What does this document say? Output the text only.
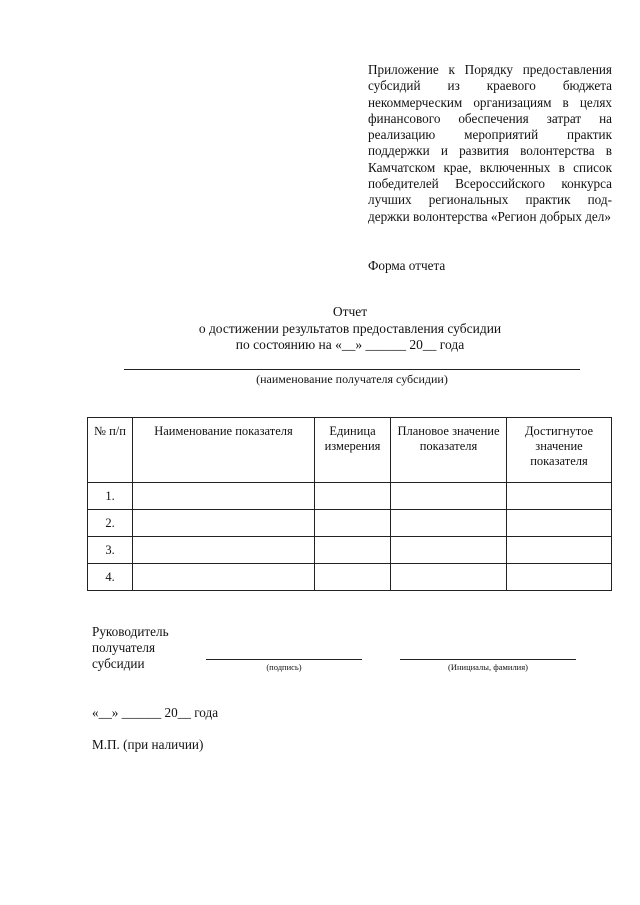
Приложение к Порядку предоставления субсидий из краевого бюджета некоммерческим организациям в целях финансового обеспечения затрат на реализацию мероприятий практик поддержки и развития волонтерства в Камчатском крае, включенных в список победителей Всероссийского конкурса лучших региональных практик под-держки волонтерства «Регион добрых дел»
Форма отчета
Отчет
о достижении результатов предоставления субсидии
по состоянию на «__» ______ 20__ года
(наименование получателя субсидии)
№ п/п	Наименование показателя	Единица измерения	Плановое значение показателя	Достигнутое значение показателя
1.				
2.				
3.				
4.				
Руководитель
получателя
субсидии	(подпись)	(Инициалы, фамилия)
«__» ______ 20__ года
М.П. (при наличии)
